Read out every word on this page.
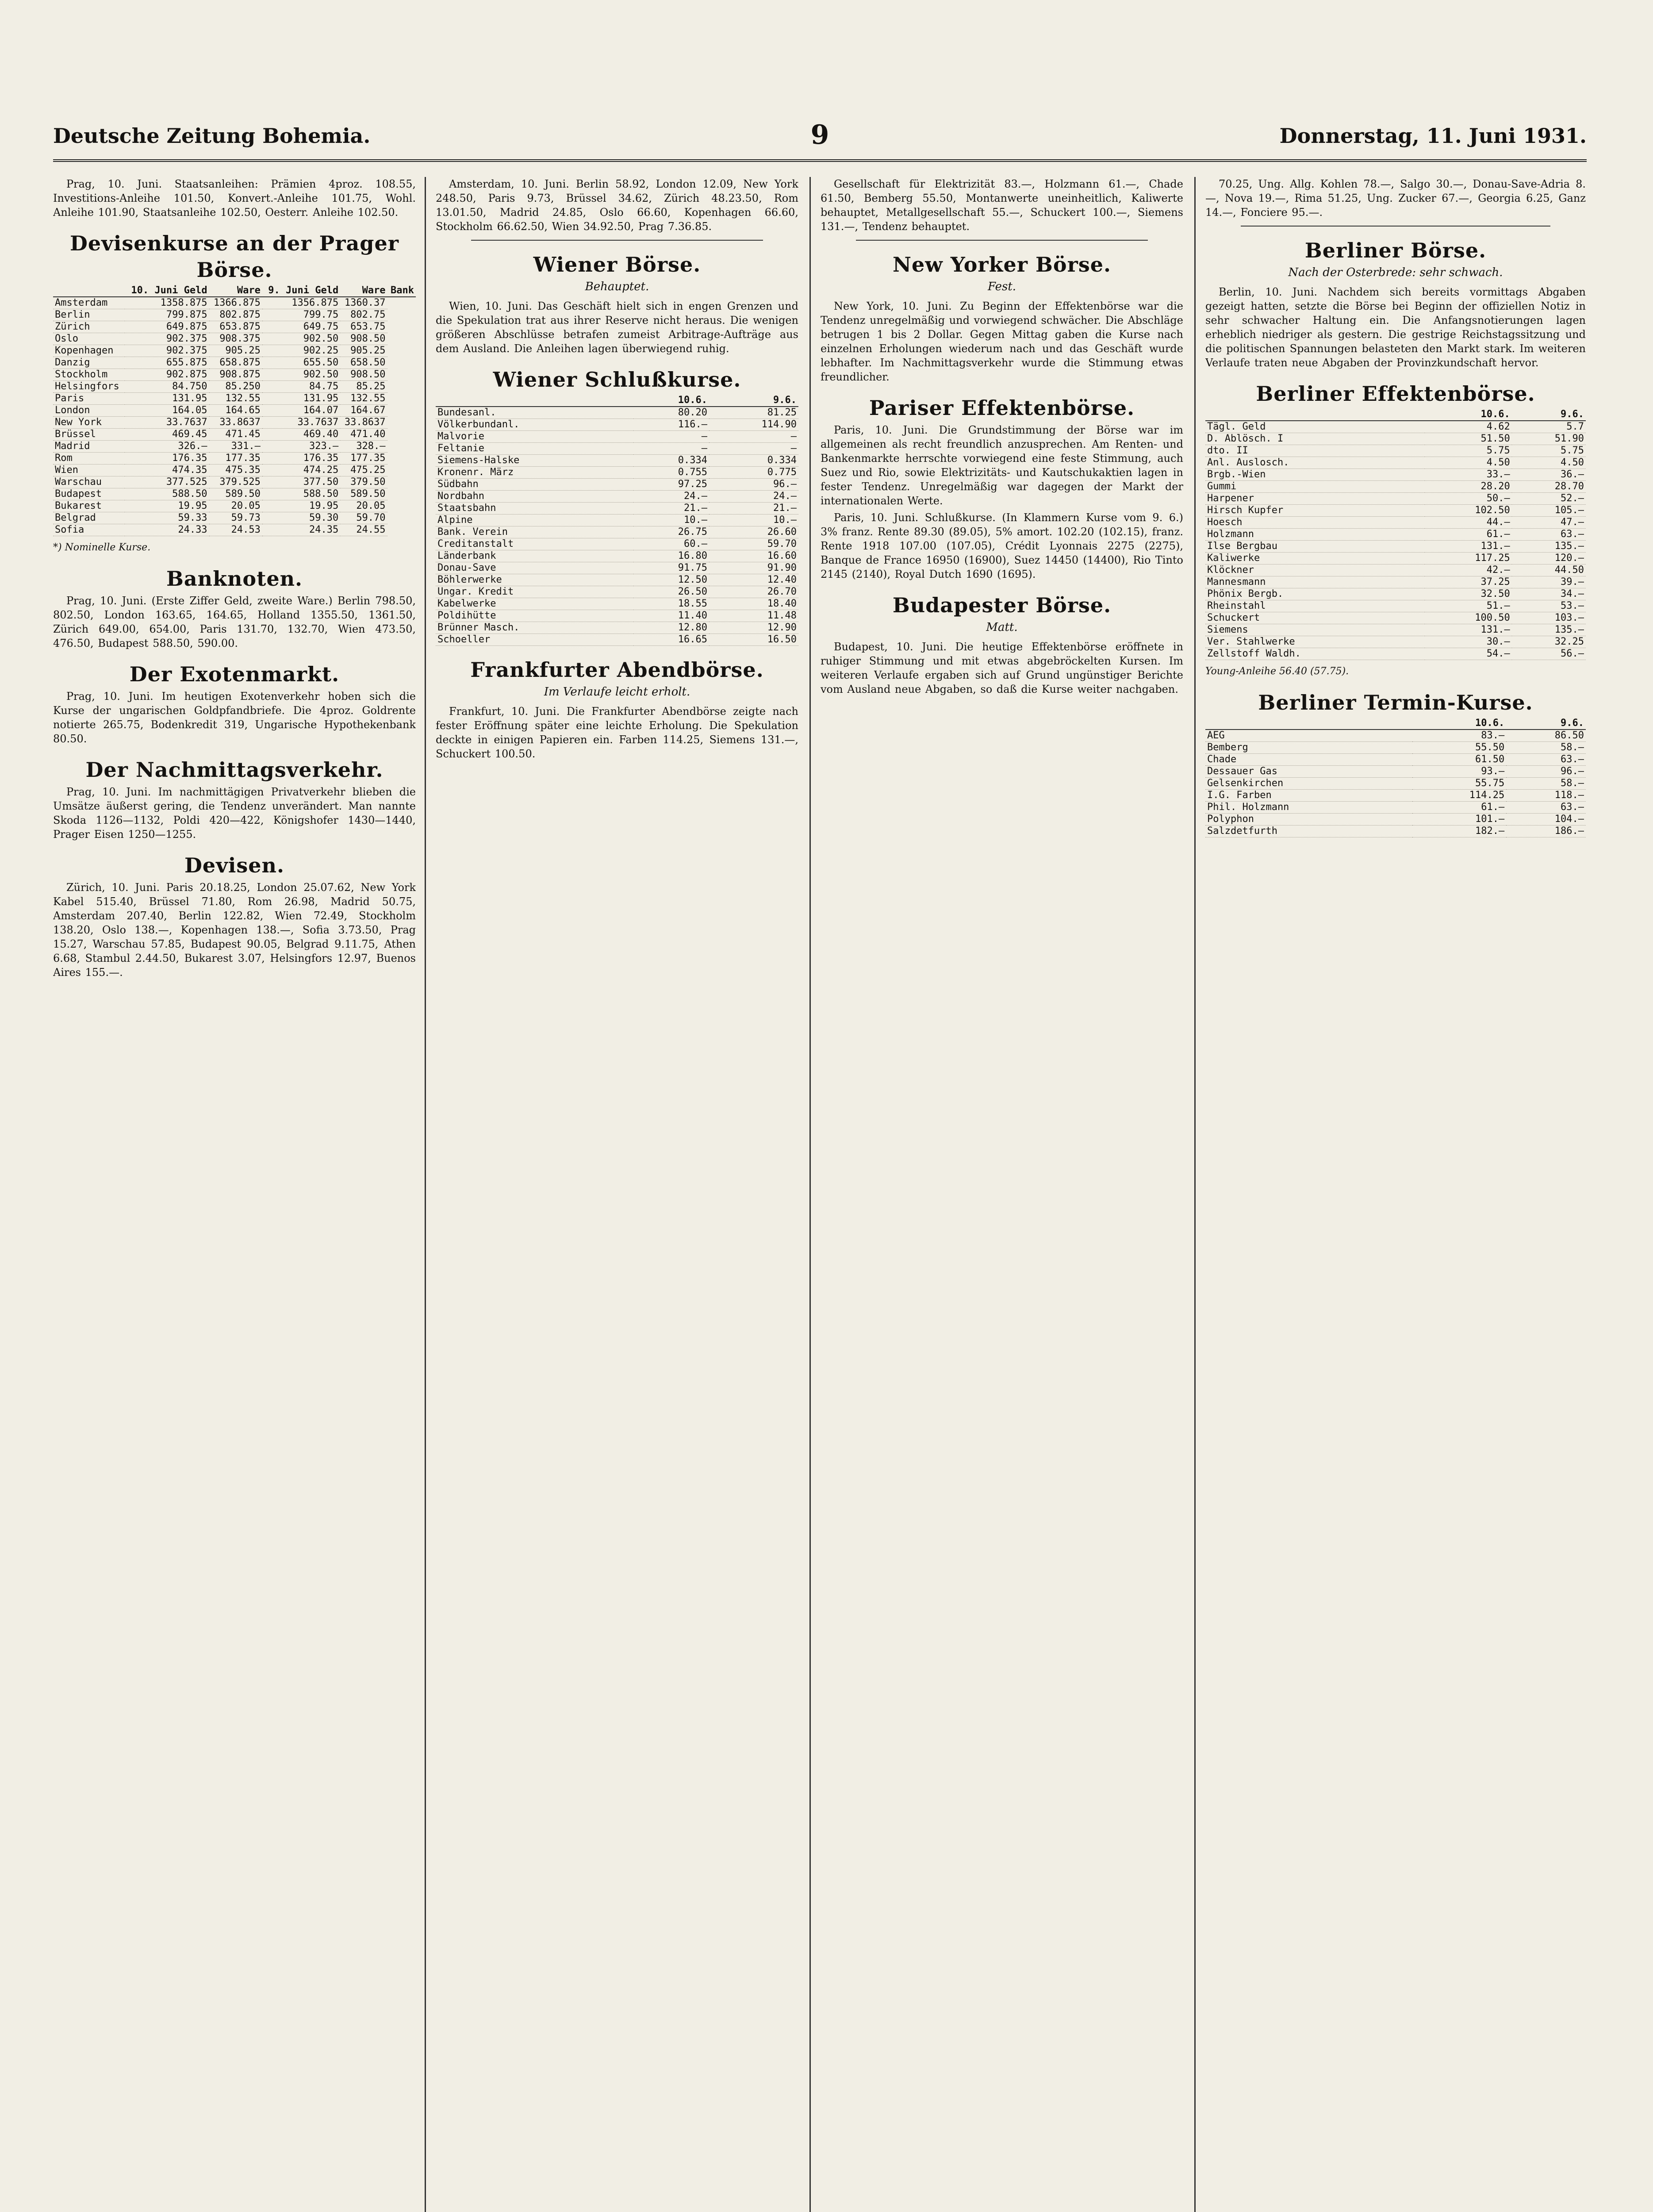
Deutsche Zeitung Bohemia.	9	Donnerstag, 11. Juni 1931.

Prag, 10. Juni. Staatsanleihen: Prämien 4proz. 108.55, Investitions-Anleihe 101.50, Konvert.-Anleihe 101.75, Wohl. Anleihe 101.90, Staatsanleihe 102.50, Oesterr. Anleihe 102.50.

Devisenkurse an der Prager Börse.
	10. Juni Geld	Ware	9. Juni Geld	Ware	Bank
Amsterdam	1358.875	1366.875	1356.875	1360.37	
Berlin	799.875	802.875	799.75	802.75	
Zürich	649.875	653.875	649.75	653.75	
Oslo	902.375	908.375	902.50	908.50	
Kopenhagen	902.375	905.25	902.25	905.25	
Danzig	655.875	658.875	655.50	658.50	
Stockholm	902.875	908.875	902.50	908.50	
Helsingfors	84.750	85.250	84.75	85.25	
Paris	131.95	132.55	131.95	132.55	
London	164.05	164.65	164.07	164.67	
New York	33.7637	33.8637	33.7637	33.8637	
Brüssel	469.45	471.45	469.40	471.40	
Madrid	326.—	331.—	323.—	328.—	
Rom	176.35	177.35	176.35	177.35	
Wien	474.35	475.35	474.25	475.25	
Warschau	377.525	379.525	377.50	379.50	
Budapest	588.50	589.50	588.50	589.50	
Bukarest	19.95	20.05	19.95	20.05	
Belgrad	59.33	59.73	59.30	59.70	
Sofia	24.33	24.53	24.35	24.55	
*) Nominelle Kurse.
Banknoten.

Prag, 10. Juni. (Erste Ziffer Geld, zweite Ware.) Berlin 798.50, 802.50, London 163.65, 164.65, Holland 1355.50, 1361.50, Zürich 649.00, 654.00, Paris 131.70, 132.70, Wien 473.50, 476.50, Budapest 588.50, 590.00.

Der Exotenmarkt.

Prag, 10. Juni. Im heutigen Exotenverkehr hoben sich die Kurse der ungarischen Goldpfandbriefe. Die 4proz. Goldrente notierte 265.75, Bodenkredit 319, Ungarische Hypothekenbank 80.50.

Der Nachmittagsverkehr.

Prag, 10. Juni. Im nachmittägigen Privatverkehr blieben die Umsätze äußerst gering, die Tendenz unverändert. Man nannte Skoda 1126—1132, Poldi 420—422, Königshofer 1430—1440, Prager Eisen 1250—1255.

Devisen.

Zürich, 10. Juni. Paris 20.18.25, London 25.07.62, New York Kabel 515.40, Brüssel 71.80, Rom 26.98, Madrid 50.75, Amsterdam 207.40, Berlin 122.82, Wien 72.49, Stockholm 138.20, Oslo 138.—, Kopenhagen 138.—, Sofia 3.73.50, Prag 15.27, Warschau 57.85, Budapest 90.05, Belgrad 9.11.75, Athen 6.68, Stambul 2.44.50, Bukarest 3.07, Helsingfors 12.97, Buenos Aires 155.—.

Amsterdam, 10. Juni. Berlin 58.92, London 12.09, New York 248.50, Paris 9.73, Brüssel 34.62, Zürich 48.23.50, Rom 13.01.50, Madrid 24.85, Oslo 66.60, Kopenhagen 66.60, Stockholm 66.62.50, Wien 34.92.50, Prag 7.36.85.

Wiener Börse.
Behauptet.

Wien, 10. Juni. Das Geschäft hielt sich in engen Grenzen und die Spekulation trat aus ihrer Reserve nicht heraus. Die wenigen größeren Abschlüsse betrafen zumeist Arbitrage-Aufträge aus dem Ausland. Die Anleihen lagen überwiegend ruhig.

Wiener Schlußkurse.
	10.6.	9.6.
Bundesanl.	80.20	81.25
Völkerbundanl.	116.—	114.90
Malvorie	—	—
Feltanie	—	—
Siemens-Halske	0.334	0.334
Kronenr. März	0.755	0.775
Südbahn	97.25	96.—
Nordbahn	24.—	24.—
Staatsbahn	21.—	21.—
Alpine	10.—	10.—
Bank. Verein	26.75	26.60
Creditanstalt	60.—	59.70
Länderbank	16.80	16.60
Donau-Save	91.75	91.90
Böhlerwerke	12.50	12.40
Ungar. Kredit	26.50	26.70
Kabelwerke	18.55	18.40
Poldihütte	11.40	11.48
Brünner Masch.	12.80	12.90
Schoeller	16.65	16.50
Frankfurter Abendbörse.
Im Verlaufe leicht erholt.

Frankfurt, 10. Juni. Die Frankfurter Abendbörse zeigte nach fester Eröffnung später eine leichte Erholung. Die Spekulation deckte in einigen Papieren ein. Farben 114.25, Siemens 131.—, Schuckert 100.50.

Gesellschaft für Elektrizität 83.—, Holzmann 61.—, Chade 61.50, Bemberg 55.50, Montanwerte uneinheitlich, Kaliwerte behauptet, Metallgesellschaft 55.—, Schuckert 100.—, Siemens 131.—, Tendenz behauptet.

New Yorker Börse.
Fest.

New York, 10. Juni. Zu Beginn der Effektenbörse war die Tendenz unregelmäßig und vorwiegend schwächer. Die Abschläge betrugen 1 bis 2 Dollar. Gegen Mittag gaben die Kurse nach einzelnen Erholungen wiederum nach und das Geschäft wurde lebhafter. Im Nachmittagsverkehr wurde die Stimmung etwas freundlicher.

Pariser Effektenbörse.

Paris, 10. Juni. Die Grundstimmung der Börse war im allgemeinen als recht freundlich anzusprechen. Am Renten- und Bankenmarkte herrschte vorwiegend eine feste Stimmung, auch Suez und Rio, sowie Elektrizitäts- und Kautschukaktien lagen in fester Tendenz. Unregelmäßig war dagegen der Markt der internationalen Werte.

Paris, 10. Juni. Schlußkurse. (In Klammern Kurse vom 9. 6.) 3% franz. Rente 89.30 (89.05), 5% amort. 102.20 (102.15), franz. Rente 1918 107.00 (107.05), Crédit Lyonnais 2275 (2275), Banque de France 16950 (16900), Suez 14450 (14400), Rio Tinto 2145 (2140), Royal Dutch 1690 (1695).

Budapester Börse.
Matt.

Budapest, 10. Juni. Die heutige Effektenbörse eröffnete in ruhiger Stimmung und mit etwas abgebröckelten Kursen. Im weiteren Verlaufe ergaben sich auf Grund ungünstiger Berichte vom Ausland neue Abgaben, so daß die Kurse weiter nachgaben.

70.25, Ung. Allg. Kohlen 78.—, Salgo 30.—, Donau-Save-Adria 8.—, Nova 19.—, Rima 51.25, Ung. Zucker 67.—, Georgia 6.25, Ganz 14.—, Fonciere 95.—.

Berliner Börse.
Nach der Osterbrede: sehr schwach.

Berlin, 10. Juni. Nachdem sich bereits vormittags Abgaben gezeigt hatten, setzte die Börse bei Beginn der offiziellen Notiz in sehr schwacher Haltung ein. Die Anfangsnotierungen lagen erheblich niedriger als gestern. Die gestrige Reichstagssitzung und die politischen Spannungen belasteten den Markt stark. Im weiteren Verlaufe traten neue Abgaben der Provinzkundschaft hervor.

Berliner Effektenbörse.
	10.6.	9.6.
Tägl. Geld	4.62	5.7
D. Ablösch. I	51.50	51.90
dto. II	5.75	5.75
Anl. Auslosch.	4.50	4.50
Brgb.-Wien	33.—	36.—
Gummi	28.20	28.70
Harpener	50.—	52.—
Hirsch Kupfer	102.50	105.—
Hoesch	44.—	47.—
Holzmann	61.—	63.—
Ilse Bergbau	131.—	135.—
Kaliwerke	117.25	120.—
Klöckner	42.—	44.50
Mannesmann	37.25	39.—
Phönix Bergb.	32.50	34.—
Rheinstahl	51.—	53.—
Schuckert	100.50	103.—
Siemens	131.—	135.—
Ver. Stahlwerke	30.—	32.25
Zellstoff Waldh.	54.—	56.—
Young-Anleihe 56.40 (57.75).
Berliner Termin-Kurse.
	10.6.	9.6.
AEG	83.—	86.50
Bemberg	55.50	58.—
Chade	61.50	63.—
Dessauer Gas	93.—	96.—
Gelsenkirchen	55.75	58.—
I.G. Farben	114.25	118.—
Phil. Holzmann	61.—	63.—
Polyphon	101.—	104.—
Salzdetfurth	182.—	186.—
